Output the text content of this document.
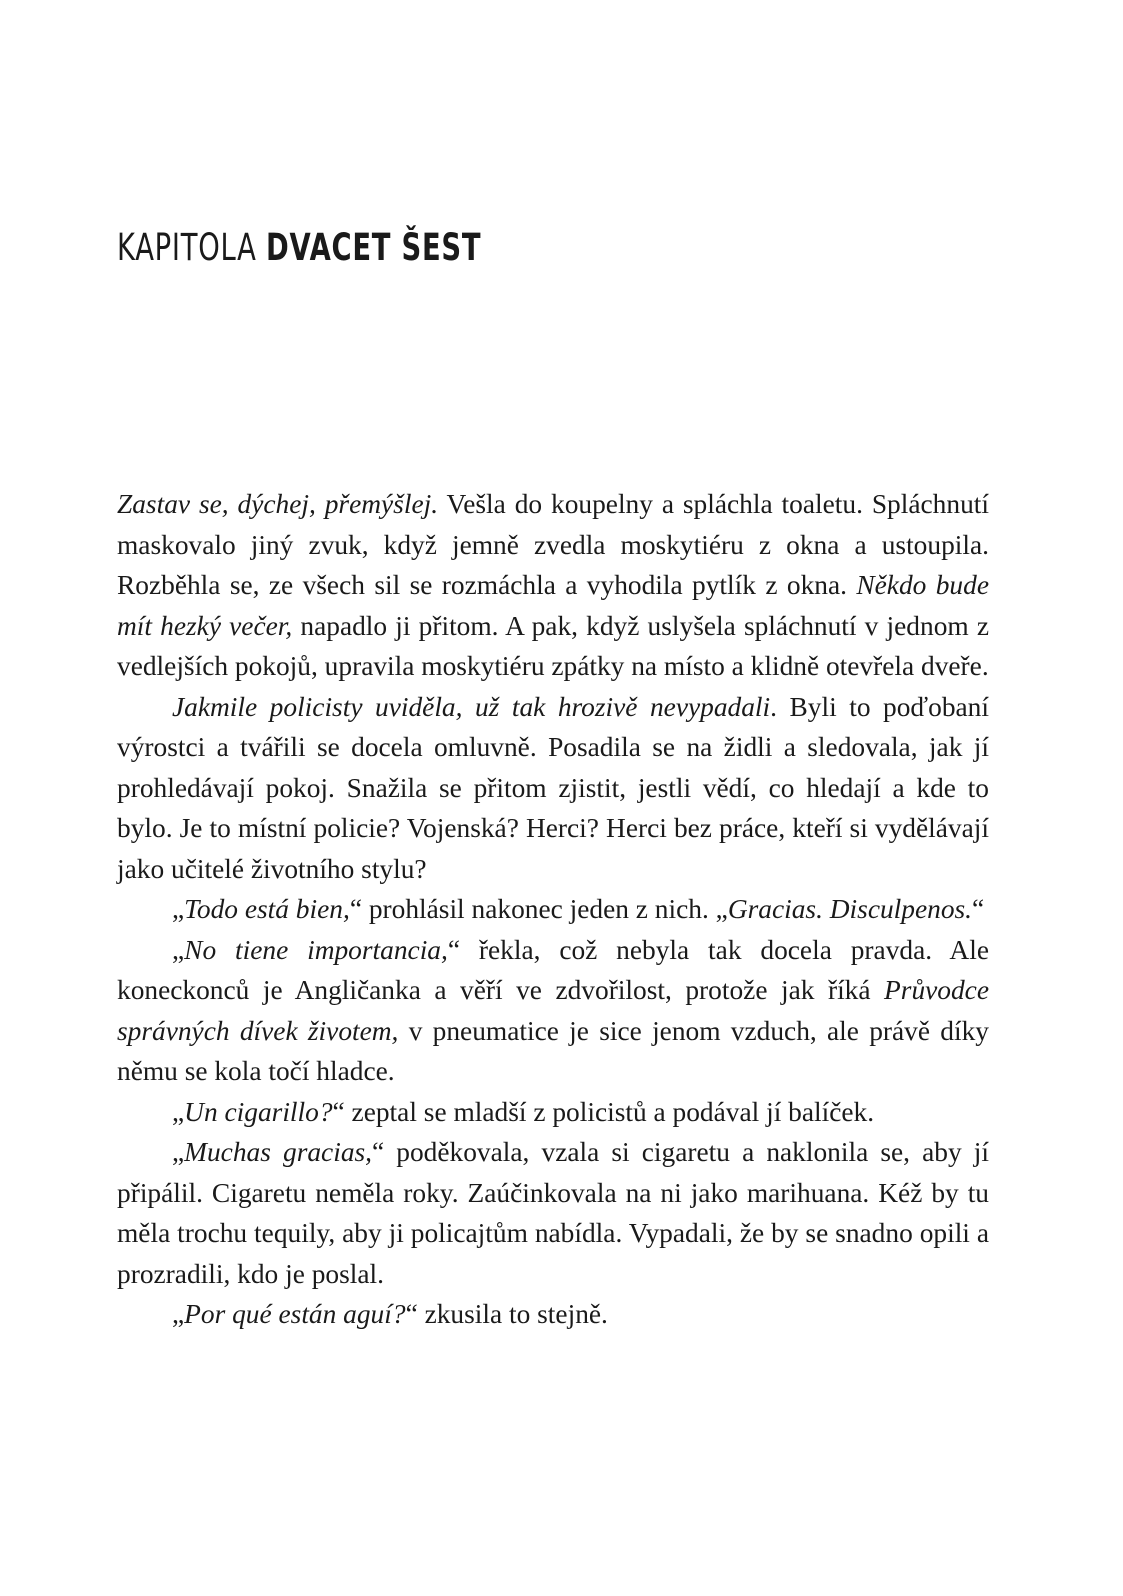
KAPITOLA DVACET ŠEST

Zastav se, dýchej, přemýšlej. Vešla do koupelny a spláchla toaletu. Spláchnutí maskovalo jiný zvuk, když jemně zvedla moskytiéru z okna a ustoupila. Rozběhla se, ze všech sil se rozmáchla a vyhodila pytlík z okna. Někdo bude mít hezký večer, napadlo ji přitom. A pak, když uslyšela spláchnutí v jednom z vedlejších pokojů, upravila moskytiéru zpátky na místo a klidně otevřela dveře.

Jakmile policisty uviděla, už tak hrozivě nevypadali. Byli to poďobaní výrostci a tvářili se docela omluvně. Posadila se na židli a sledovala, jak jí prohledávají pokoj. Snažila se přitom zjistit, jestli vědí, co hledají a kde to bylo. Je to místní policie? Vojenská? Herci? Herci bez práce, kteří si vydělávají jako učitelé životního stylu?

„Todo está bien,“ prohlásil nakonec jeden z nich. „Gracias. Disculpenos.“

„No tiene importancia,“ řekla, což nebyla tak docela pravda. Ale koneckonců je Angličanka a věří ve zdvořilost, protože jak říká Průvodce správných dívek životem, v pneumatice je sice jenom vzduch, ale právě díky němu se kola točí hladce.

„Un cigarillo?“ zeptal se mladší z policistů a podával jí balíček.

„Muchas gracias,“ poděkovala, vzala si cigaretu a naklonila se, aby jí připálil. Cigaretu neměla roky. Zaúčinkovala na ni jako marihuana. Kéž by tu měla trochu tequily, aby ji policajtům nabídla. Vypadali, že by se snadno opili a prozradili, kdo je poslal.

„Por qué están aguí?“ zkusila to stejně.
